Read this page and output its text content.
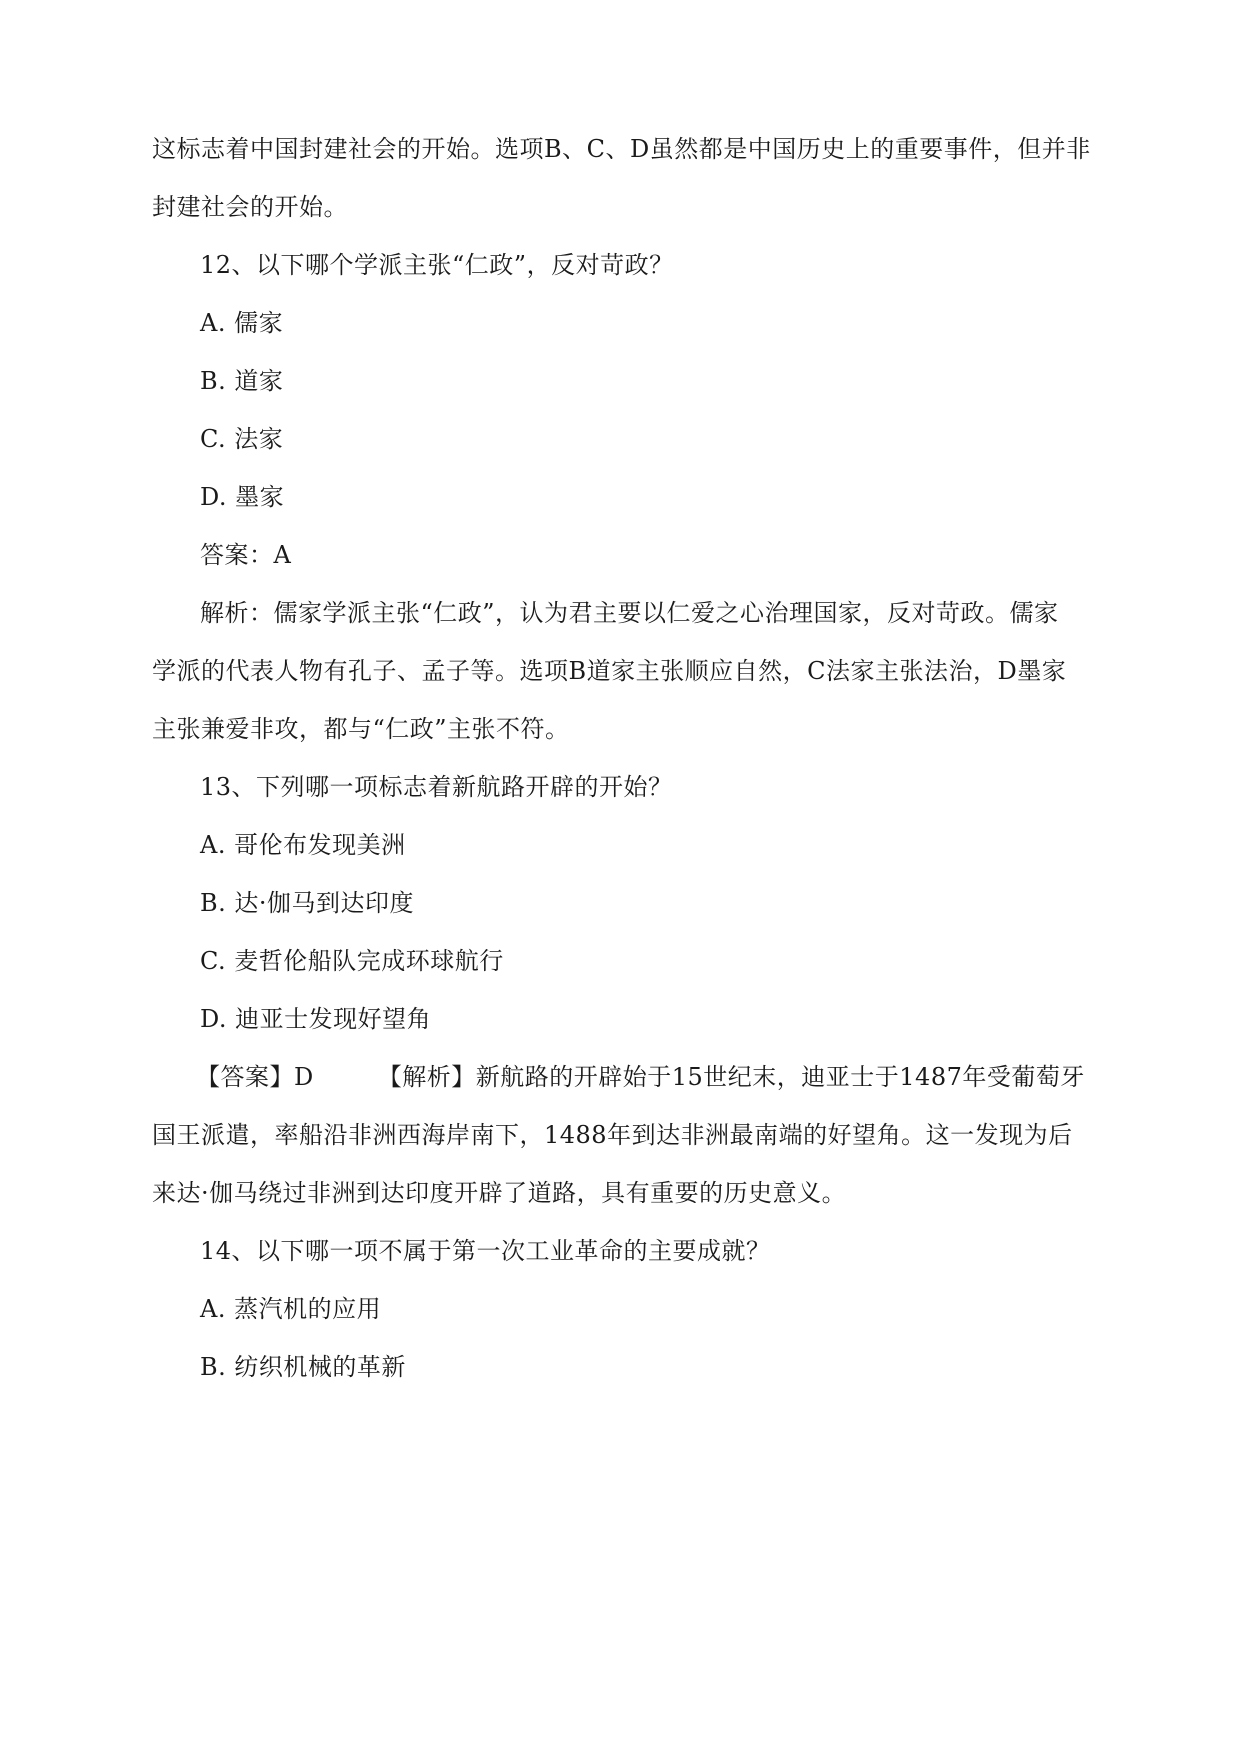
这标志着中国封建社会的开始。选项B、C、D虽然都是中国历史上的重要事件，但并非
封建社会的开始。
12、以下哪个学派主张“仁政”，反对苛政？
A. 儒家
B. 道家
C. 法家
D. 墨家
答案：A
解析：儒家学派主张“仁政”，认为君主要以仁爱之心治理国家，反对苛政。儒家
学派的代表人物有孔子、孟子等。选项B道家主张顺应自然，C法家主张法治，D墨家
主张兼爱非攻，都与“仁政”主张不符。
13、下列哪一项标志着新航路开辟的开始？
A. 哥伦布发现美洲
B. 达·伽马到达印度
C. 麦哲伦船队完成环球航行
D. 迪亚士发现好望角
【答案】D	【解析】新航路的开辟始于15世纪末，迪亚士于1487年受葡萄牙
国王派遣，率船沿非洲西海岸南下，1488年到达非洲最南端的好望角。这一发现为后
来达·伽马绕过非洲到达印度开辟了道路，具有重要的历史意义。
14、以下哪一项不属于第一次工业革命的主要成就？
A. 蒸汽机的应用
B. 纺织机械的革新
